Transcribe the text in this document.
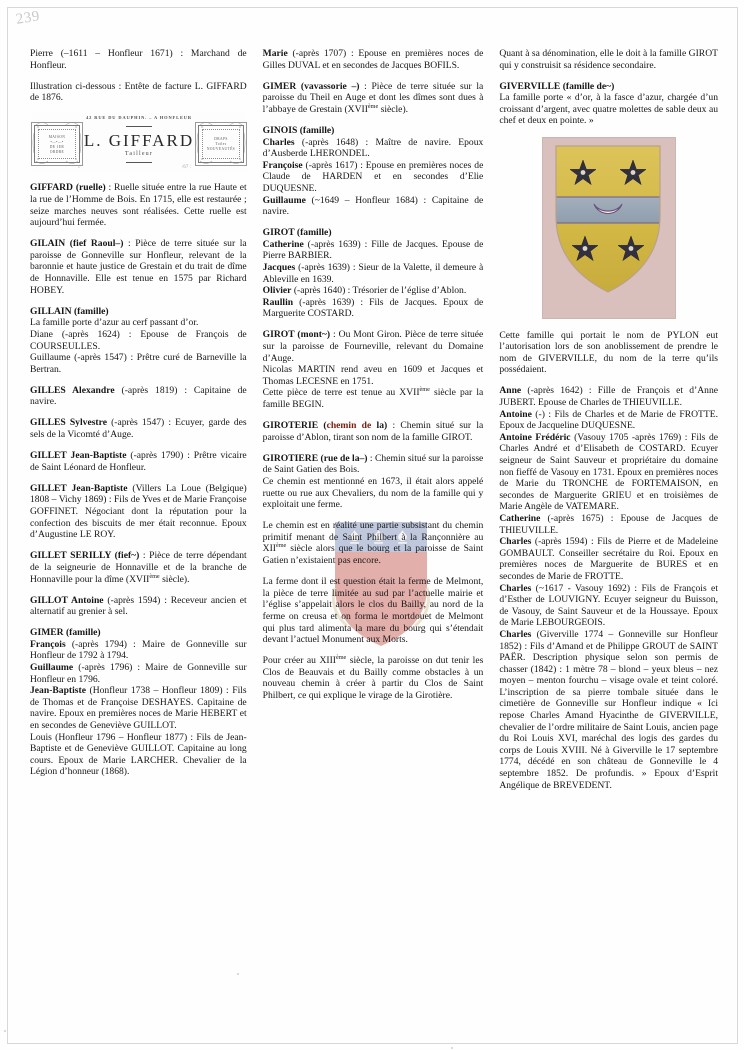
239

Pierre (–1611 – Honfleur 1671) : Marchand de Honfleur.

Illustration ci-dessous : Entête de facture L. GIFFARD de 1876.

42 RUE DU DAUPHIN. – A HONFLEUR
L. GIFFARD
Tailleur
MAISON
•—•—•
DE 1ER
ORDRE
DRAPS
Toiles
NOUVEAUTÉS
//	/67 :

GIFFARD (ruelle) : Ruelle située entre la rue Haute et la rue de l’Homme de Bois. En 1715, elle est restaurée ; seize marches neuves sont réalisées. Cette ruelle est aujourd’hui fermée.

GILAIN (fief Raoul–) : Pièce de terre située sur la paroisse de Gonneville sur Honfleur, relevant de la baronnie et haute justice de Grestain et du trait de dîme de Honnaville. Elle est tenue en 1575 par Richard HOBEY.

GILLAIN (famille)

La famille porte d’azur au cerf passant d’or.

Diane (-après 1624) : Epouse de François de COURSEULLES.

Guillaume (-après 1547) : Prêtre curé de Barneville la Bertran.

GILLES Alexandre (-après 1819) : Capitaine de navire.

GILLES Sylvestre (-après 1547) : Ecuyer, garde des sels de la Vicomté d’Auge.

GILLET Jean-Baptiste (-après 1790) : Prêtre vicaire de Saint Léonard de Honfleur.

GILLET Jean-Baptiste (Villers La Loue (Belgique) 1808 – Vichy 1869) : Fils de Yves et de Marie Françoise GOFFINET. Négociant dont la réputation pour la confection des biscuits de mer était reconnue. Epoux d’Augustine LE ROY.

GILLET SERILLY (fief~) : Pièce de terre dépendant de la seigneurie de Honnaville et de la branche de Honnaville pour la dîme (XVIIème siècle).

GILLOT Antoine (-après 1594) : Receveur ancien et alternatif au grenier à sel.

GIMER (famille)

François (-après 1794) : Maire de Gonneville sur Honfleur de 1792 à 1794.

Guillaume (-après 1796) : Maire de Gonneville sur Honfleur en 1796.

Jean-Baptiste (Honfleur 1738 – Honfleur 1809) : Fils de Thomas et de Françoise DESHAYES. Capitaine de navire. Epoux en premières noces de Marie HEBERT et en secondes de Geneviève GUILLOT.

Louis (Honfleur 1796 – Honfleur 1877) : Fils de Jean-Baptiste et de Geneviève GUILLOT. Capitaine au long cours. Epoux de Marie LARCHER. Chevalier de la Légion d’honneur (1868).

Marie (-après 1707) : Epouse en premières noces de Gilles DUVAL et en secondes de Jacques BOFILS.

GIMER (vavassorie –) : Pièce de terre située sur la paroisse du Theil en Auge et dont les dîmes sont dues à l’abbaye de Grestain (XVIIème siècle).

GINOIS (famille)

Charles (-après 1648) : Maître de navire. Epoux d’Ausberde LHERONDEL.

Françoise (-après 1617) : Epouse en premières noces de Claude de HARDEN et en secondes d’Elie DUQUESNE.

Guillaume (~1649 – Honfleur 1684) : Capitaine de navire.

GIROT (famille)

Catherine (-après 1639) : Fille de Jacques. Epouse de Pierre BARBIER.

Jacques (-après 1639) : Sieur de la Valette, il demeure à Ableville en 1639.

Olivier (-après 1640) : Trésorier de l’église d’Ablon.

Raullin (-après 1639) : Fils de Jacques. Epoux de Marguerite COSTARD.

GIROT (mont~) : Ou Mont Giron. Pièce de terre située sur la paroisse de Fourneville, relevant du Domaine d’Auge.

Nicolas MARTIN rend aveu en 1609 et Jacques et Thomas LECESNE en 1751.

Cette pièce de terre est tenue au XVIIème siècle par la famille BEGIN.

GIROTERIE (chemin de la) : Chemin situé sur la paroisse d’Ablon, tirant son nom de la famille GIROT.

GIROTIERE (rue de la–) : Chemin situé sur la paroisse de Saint Gatien des Bois.

Ce chemin est mentionné en 1673, il était alors appelé ruette ou rue aux Chevaliers, du nom de la famille qui y exploitait une ferme.

Le chemin est en réalité une partie subsistant du chemin primitif menant de Saint Philbert à la Rançonnière au XIIème siècle alors que le bourg et la paroisse de Saint Gatien n’existaient pas encore.

La ferme dont il est question était la ferme de Melmont, la pièce de terre limitée au sud par l’actuelle mairie et l’église s’appelait alors le clos du Bailly, au nord de la ferme on creusa et on forma le mortdouet de Melmont qui plus tard alimenta la mare du bourg qui s’étendait devant l’actuel Monument aux Morts.

Pour créer au XIIIème siècle, la paroisse on dut tenir les Clos de Beauvais et du Bailly comme obstacles à un nouveau chemin à créer à partir du Clos de Saint Philbert, ce qui explique le virage de la Girotière.

Quant à sa dénomination, elle le doit à la famille GIROT qui y construisit sa résidence secondaire.

GIVERVILLE (famille de~)

La famille porte « d’or, à la fasce d’azur, chargée d’un croissant d’argent, avec quatre molettes de sable deux au chef et deux en pointe. »

Cette famille qui portait le nom de PYLON eut l’autorisation lors de son anoblissement de prendre le nom de GIVERVILLE, du nom de la terre qu’ils possédaient.

Anne (-après 1642) : Fille de François et d’Anne JUBERT. Epouse de Charles de THIEUVILLE.

Antoine (-) : Fils de Charles et de Marie de FROTTE. Epoux de Jacqueline DUQUESNE.

Antoine Frédéric (Vasouy 1705 -après 1769) : Fils de Charles André et d’Elisabeth de COSTARD. Ecuyer seigneur de Saint Sauveur et propriétaire du domaine non fieffé de Vasouy en 1731. Epoux en premières noces de Marie du TRONCHE de FORTEMAISON, en secondes de Marguerite GRIEU et en troisièmes de Marie Angèle de VATEMARE.

Catherine (-après 1675) : Epouse de Jacques de THIEUVILLE.

Charles (-après 1594) : Fils de Pierre et de Madeleine GOMBAULT. Conseiller secrétaire du Roi. Epoux en premières noces de Marguerite de BURES et en secondes de Marie de FROTTE.

Charles (~1617 - Vasouy 1692) : Fils de François et d’Esther de LOUVIGNY. Ecuyer seigneur du Buisson, de Vasouy, de Saint Sauveur et de la Houssaye. Epoux de Marie LEBOURGEOIS.

Charles (Giverville 1774 – Gonneville sur Honfleur 1852) : Fils d’Amand et de Philippe GROUT de SAINT PAËR. Description physique selon son permis de chasser (1842) : 1 mètre 78 – blond – yeux bleus – nez moyen – menton fourchu – visage ovale et teint coloré. L’inscription de sa pierre tombale située dans le cimetière de Gonneville sur Honfleur indique « Ici repose Charles Amand Hyacinthe de GIVERVILLE, chevalier de l’ordre militaire de Saint Louis, ancien page du Roi Louis XVI, maréchal des logis des gardes du corps de Louis XVIII. Né à Giverville le 17 septembre 1774, décédé en son château de Gonneville le 4 septembre 1852. De profundis. » Epoux d’Esprit Angélique de BREVEDENT.
